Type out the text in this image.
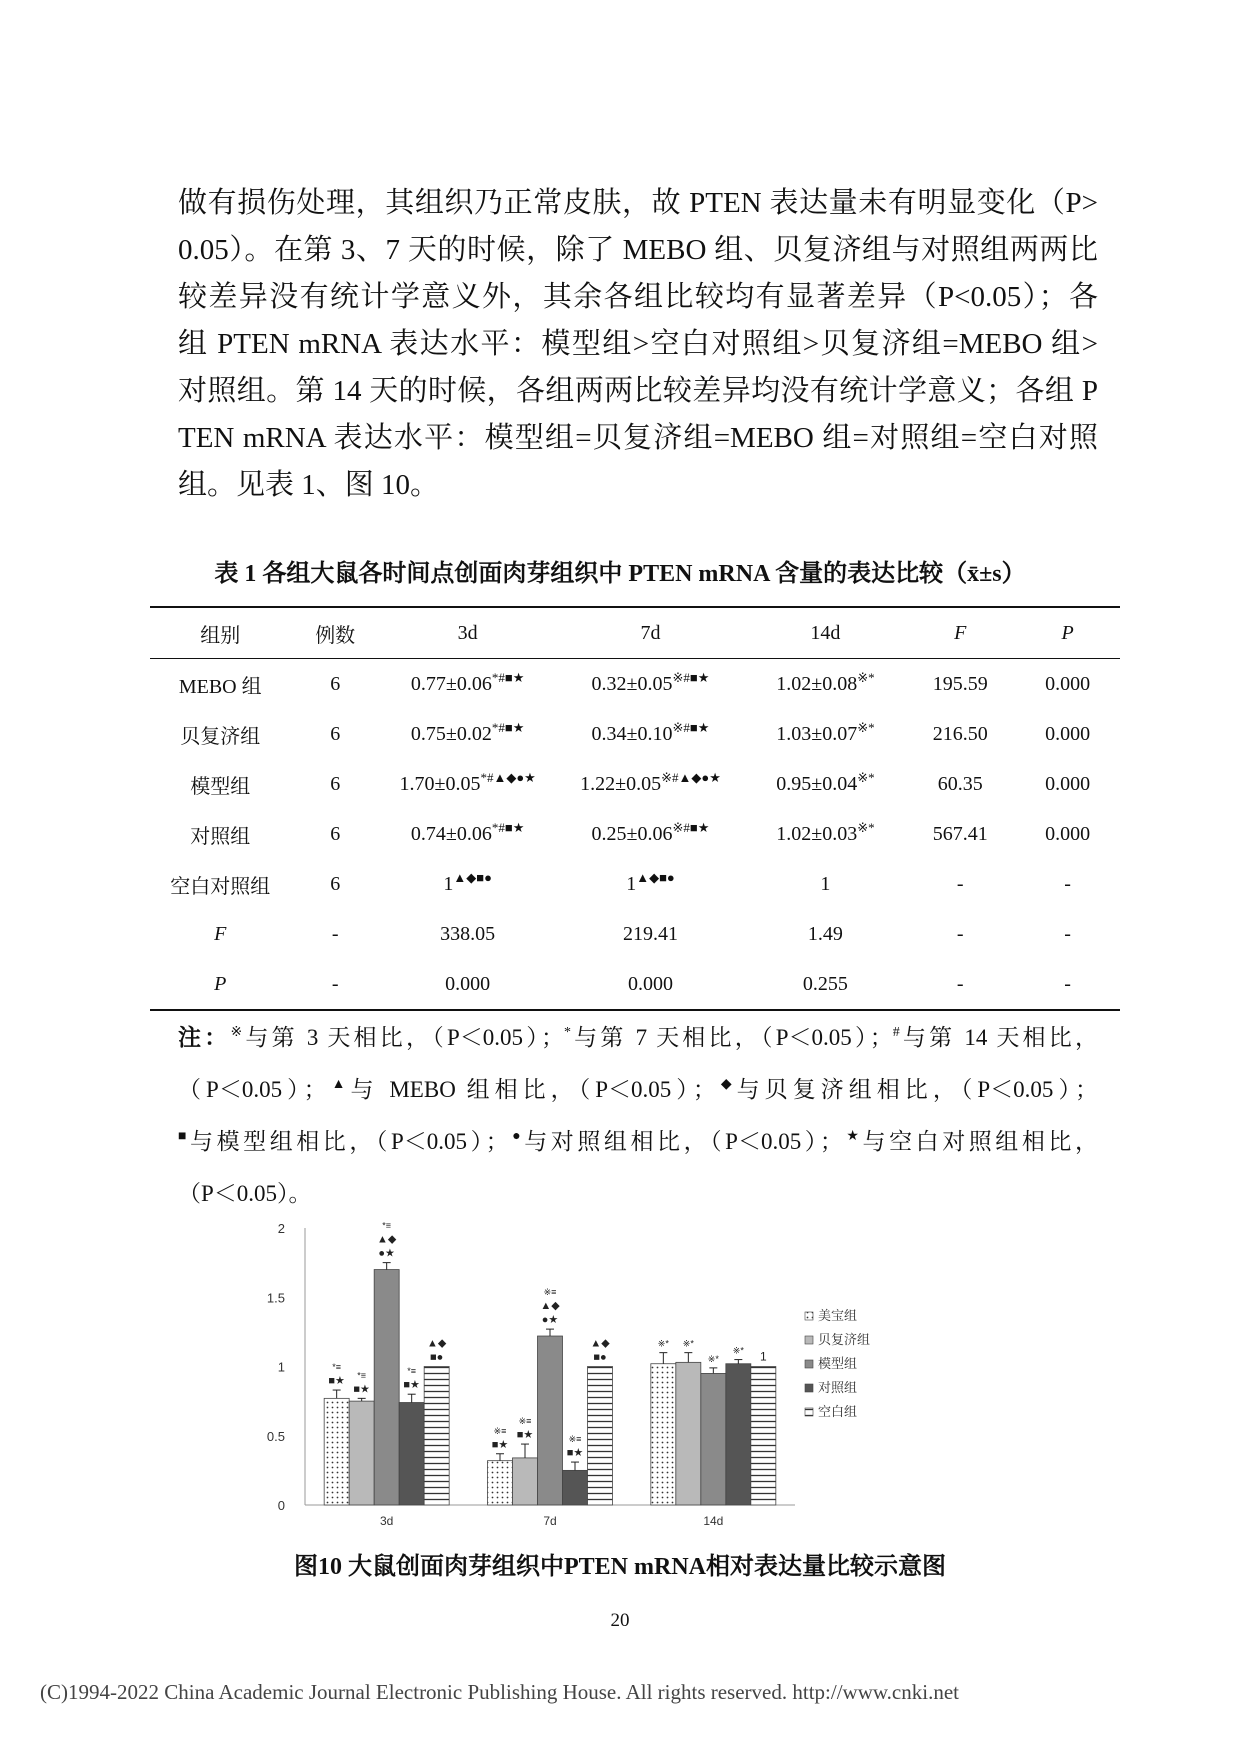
做有损伤处理，其组织乃正常皮肤，故 PTEN 表达量未有明显变化（P>
0.05）。在第 3、7 天的时候，除了 MEBO 组、贝复济组与对照组两两比
较差异没有统计学意义外，其余各组比较均有显著差异（P<0.05）；各
组 PTEN mRNA 表达水平：模型组>空白对照组>贝复济组=MEBO 组>
对照组。第 14 天的时候，各组两两比较差异均没有统计学意义；各组 P
TEN mRNA 表达水平：模型组=贝复济组=MEBO 组=对照组=空白对照
组。见表 1、图 10。

表 1 各组大鼠各时间点创面肉芽组织中 PTEN mRNA 含量的表达比较（x̄±s）
组别	例数	3d	7d	14d	F	P
MEBO 组	6	0.77±0.06*#■★	0.32±0.05※#■★	1.02±0.08※*	195.59	0.000
贝复济组	6	0.75±0.02*#■★	0.34±0.10※#■★	1.03±0.07※*	216.50	0.000
模型组	6	1.70±0.05*#▲◆●★	1.22±0.05※#▲◆●★	0.95±0.04※*	60.35	0.000
对照组	6	0.74±0.06*#■★	0.25±0.06※#■★	1.02±0.03※*	567.41	0.000
空白对照组	6	1▲◆■●	1▲◆■●	1	-	-
F	-	338.05	219.41	1.49	-	-
P	-	0.000	0.000	0.255	-	-
注：※与第 3 天相比，（P＜0.05）；*与第 7 天相比，（P＜0.05）；#与第 14 天相比，
（P＜0.05）；▲与 MEBO 组相比，（P＜0.05）；◆与贝复济组相比，（P＜0.05）；
■与模型组相比，（P＜0.05）；●与对照组相比，（P＜0.05）；★与空白对照组相比，
（P＜0.05）。
0
0.5
1
1.5
2
3d
■★
*≡
■★
*≡
●★
▲◆
*≡
■★
*≡
■●
▲◆
7d
■★
※≡ ■★
※≡
●★
▲◆
※≡
■★
※≡
■●
▲◆
14d
※* ※*
※*
※* 1
美宝组
贝复济组
模型组
对照组
空白组
图10 大鼠创面肉芽组织中PTEN mRNA相对表达量比较示意图
20
(C)1994-2022 China Academic Journal Electronic Publishing House. All rights reserved. http://www.cnki.net
